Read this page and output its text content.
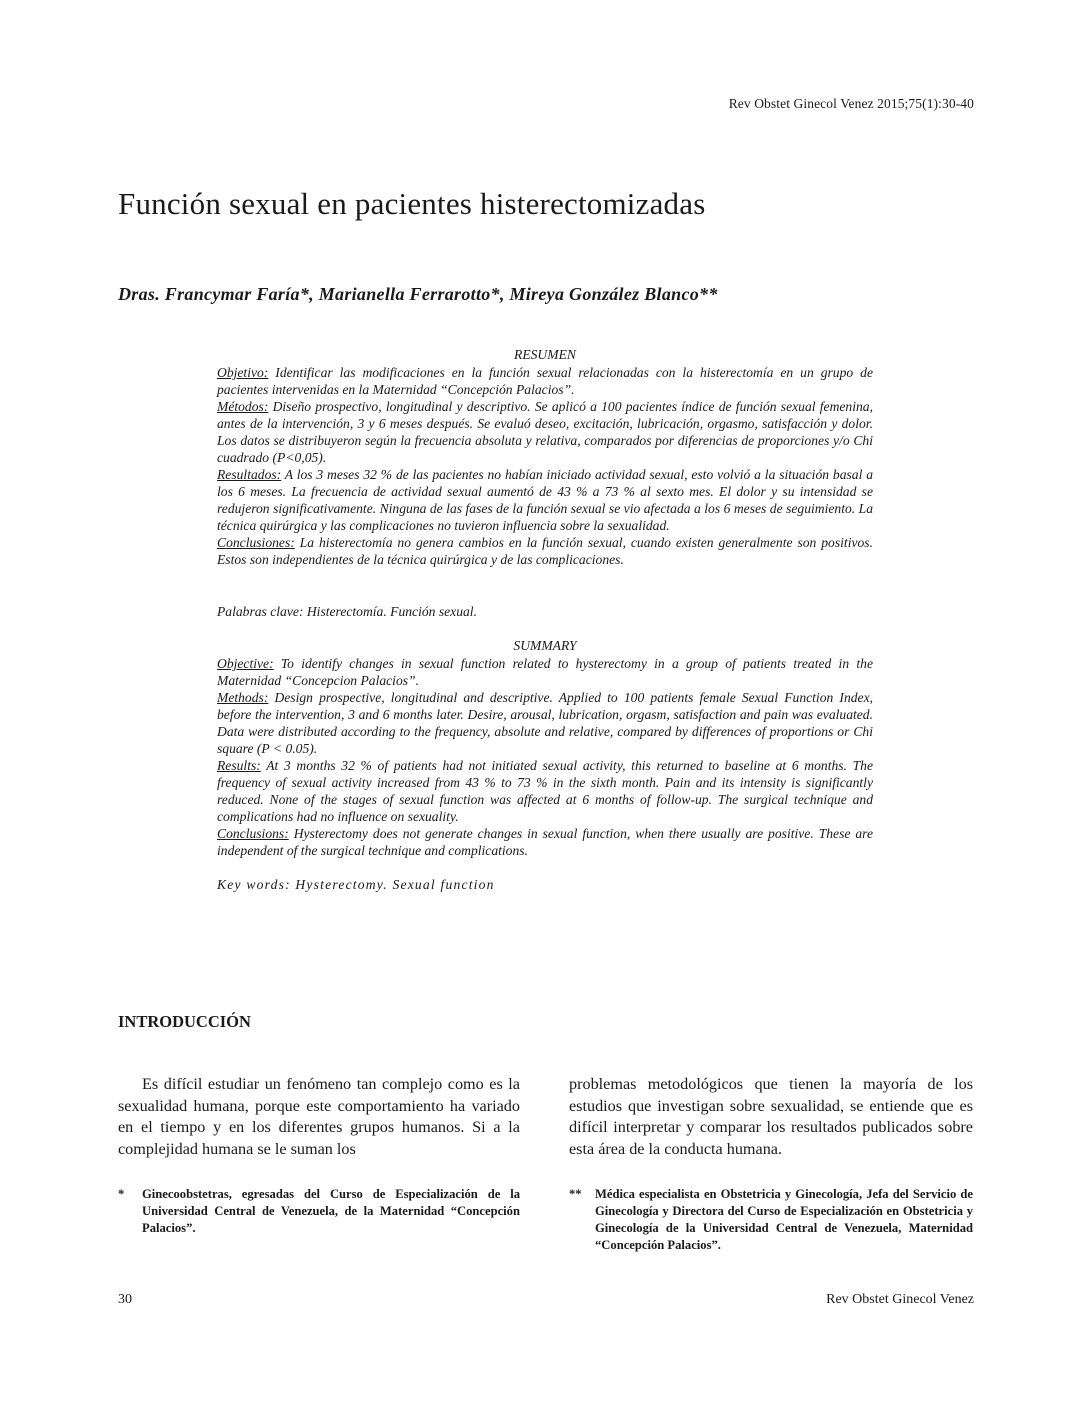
Rev Obstet Ginecol Venez 2015;75(1):30-40
Función sexual en pacientes histerectomizadas
Dras. Francymar Faría*, Marianella Ferrarotto*, Mireya González Blanco**
RESUMEN

Objetivo: Identificar las modificaciones en la función sexual relacionadas con la histerectomía en un grupo de pacientes intervenidas en la Maternidad “Concepción Palacios”.

Métodos: Diseño prospectivo, longitudinal y descriptivo. Se aplicó a 100 pacientes índice de función sexual femenina, antes de la intervención, 3 y 6 meses después. Se evaluó deseo, excitación, lubricación, orgasmo, satisfacción y dolor. Los datos se distribuyeron según la frecuencia absoluta y relativa, comparados por diferencias de proporciones y/o Chi cuadrado (P<0,05).

Resultados: A los 3 meses 32 % de las pacientes no habían iniciado actividad sexual, esto volvió a la situación basal a los 6 meses. La frecuencia de actividad sexual aumentó de 43 % a 73 % al sexto mes. El dolor y su intensidad se redujeron significativamente. Ninguna de las fases de la función sexual se vio afectada a los 6 meses de seguimiento. La técnica quirúrgica y las complicaciones no tuvieron influencia sobre la sexualidad.

Conclusiones: La histerectomía no genera cambios en la función sexual, cuando existen generalmente son positivos. Estos son independientes de la técnica quirúrgica y de las complicaciones.

Palabras clave: Histerectomía. Función sexual.
SUMMARY

Objective: To identify changes in sexual function related to hysterectomy in a group of patients treated in the Maternidad “Concepcion Palacios”.

Methods: Design prospective, longitudinal and descriptive. Applied to 100 patients female Sexual Function Index, before the intervention, 3 and 6 months later. Desire, arousal, lubrication, orgasm, satisfaction and pain was evaluated. Data were distributed according to the frequency, absolute and relative, compared by differences of proportions or Chi square (P < 0.05).

Results: At 3 months 32 % of patients had not initiated sexual activity, this returned to baseline at 6 months. The frequency of sexual activity increased from 43 % to 73 % in the sixth month. Pain and its intensity is significantly reduced. None of the stages of sexual function was affected at 6 months of follow-up. The surgical technique and complications had no influence on sexuality.

Conclusions: Hysterectomy does not generate changes in sexual function, when there usually are positive. These are independent of the surgical technique and complications.

Key words: Hysterectomy. Sexual function
INTRODUCCIÓN

Es difícil estudiar un fenómeno tan complejo como es la sexualidad humana, porque este comportamiento ha variado en el tiempo y en los diferentes grupos humanos. Si a la complejidad humana se le suman los

problemas metodológicos que tienen la mayoría de los estudios que investigan sobre sexualidad, se entiende que es difícil interpretar y comparar los resultados publicados sobre esta área de la conducta humana.

* Ginecoobstetras, egresadas del Curso de Especialización de la Universidad Central de Venezuela, de la Maternidad “Concepción Palacios”.
** Médica especialista en Obstetricia y Ginecología, Jefa del Servicio de Ginecología y Directora del Curso de Especialización en Obstetricia y Ginecología de la Universidad Central de Venezuela, Maternidad “Concepción Palacios”.
30	Rev Obstet Ginecol Venez
